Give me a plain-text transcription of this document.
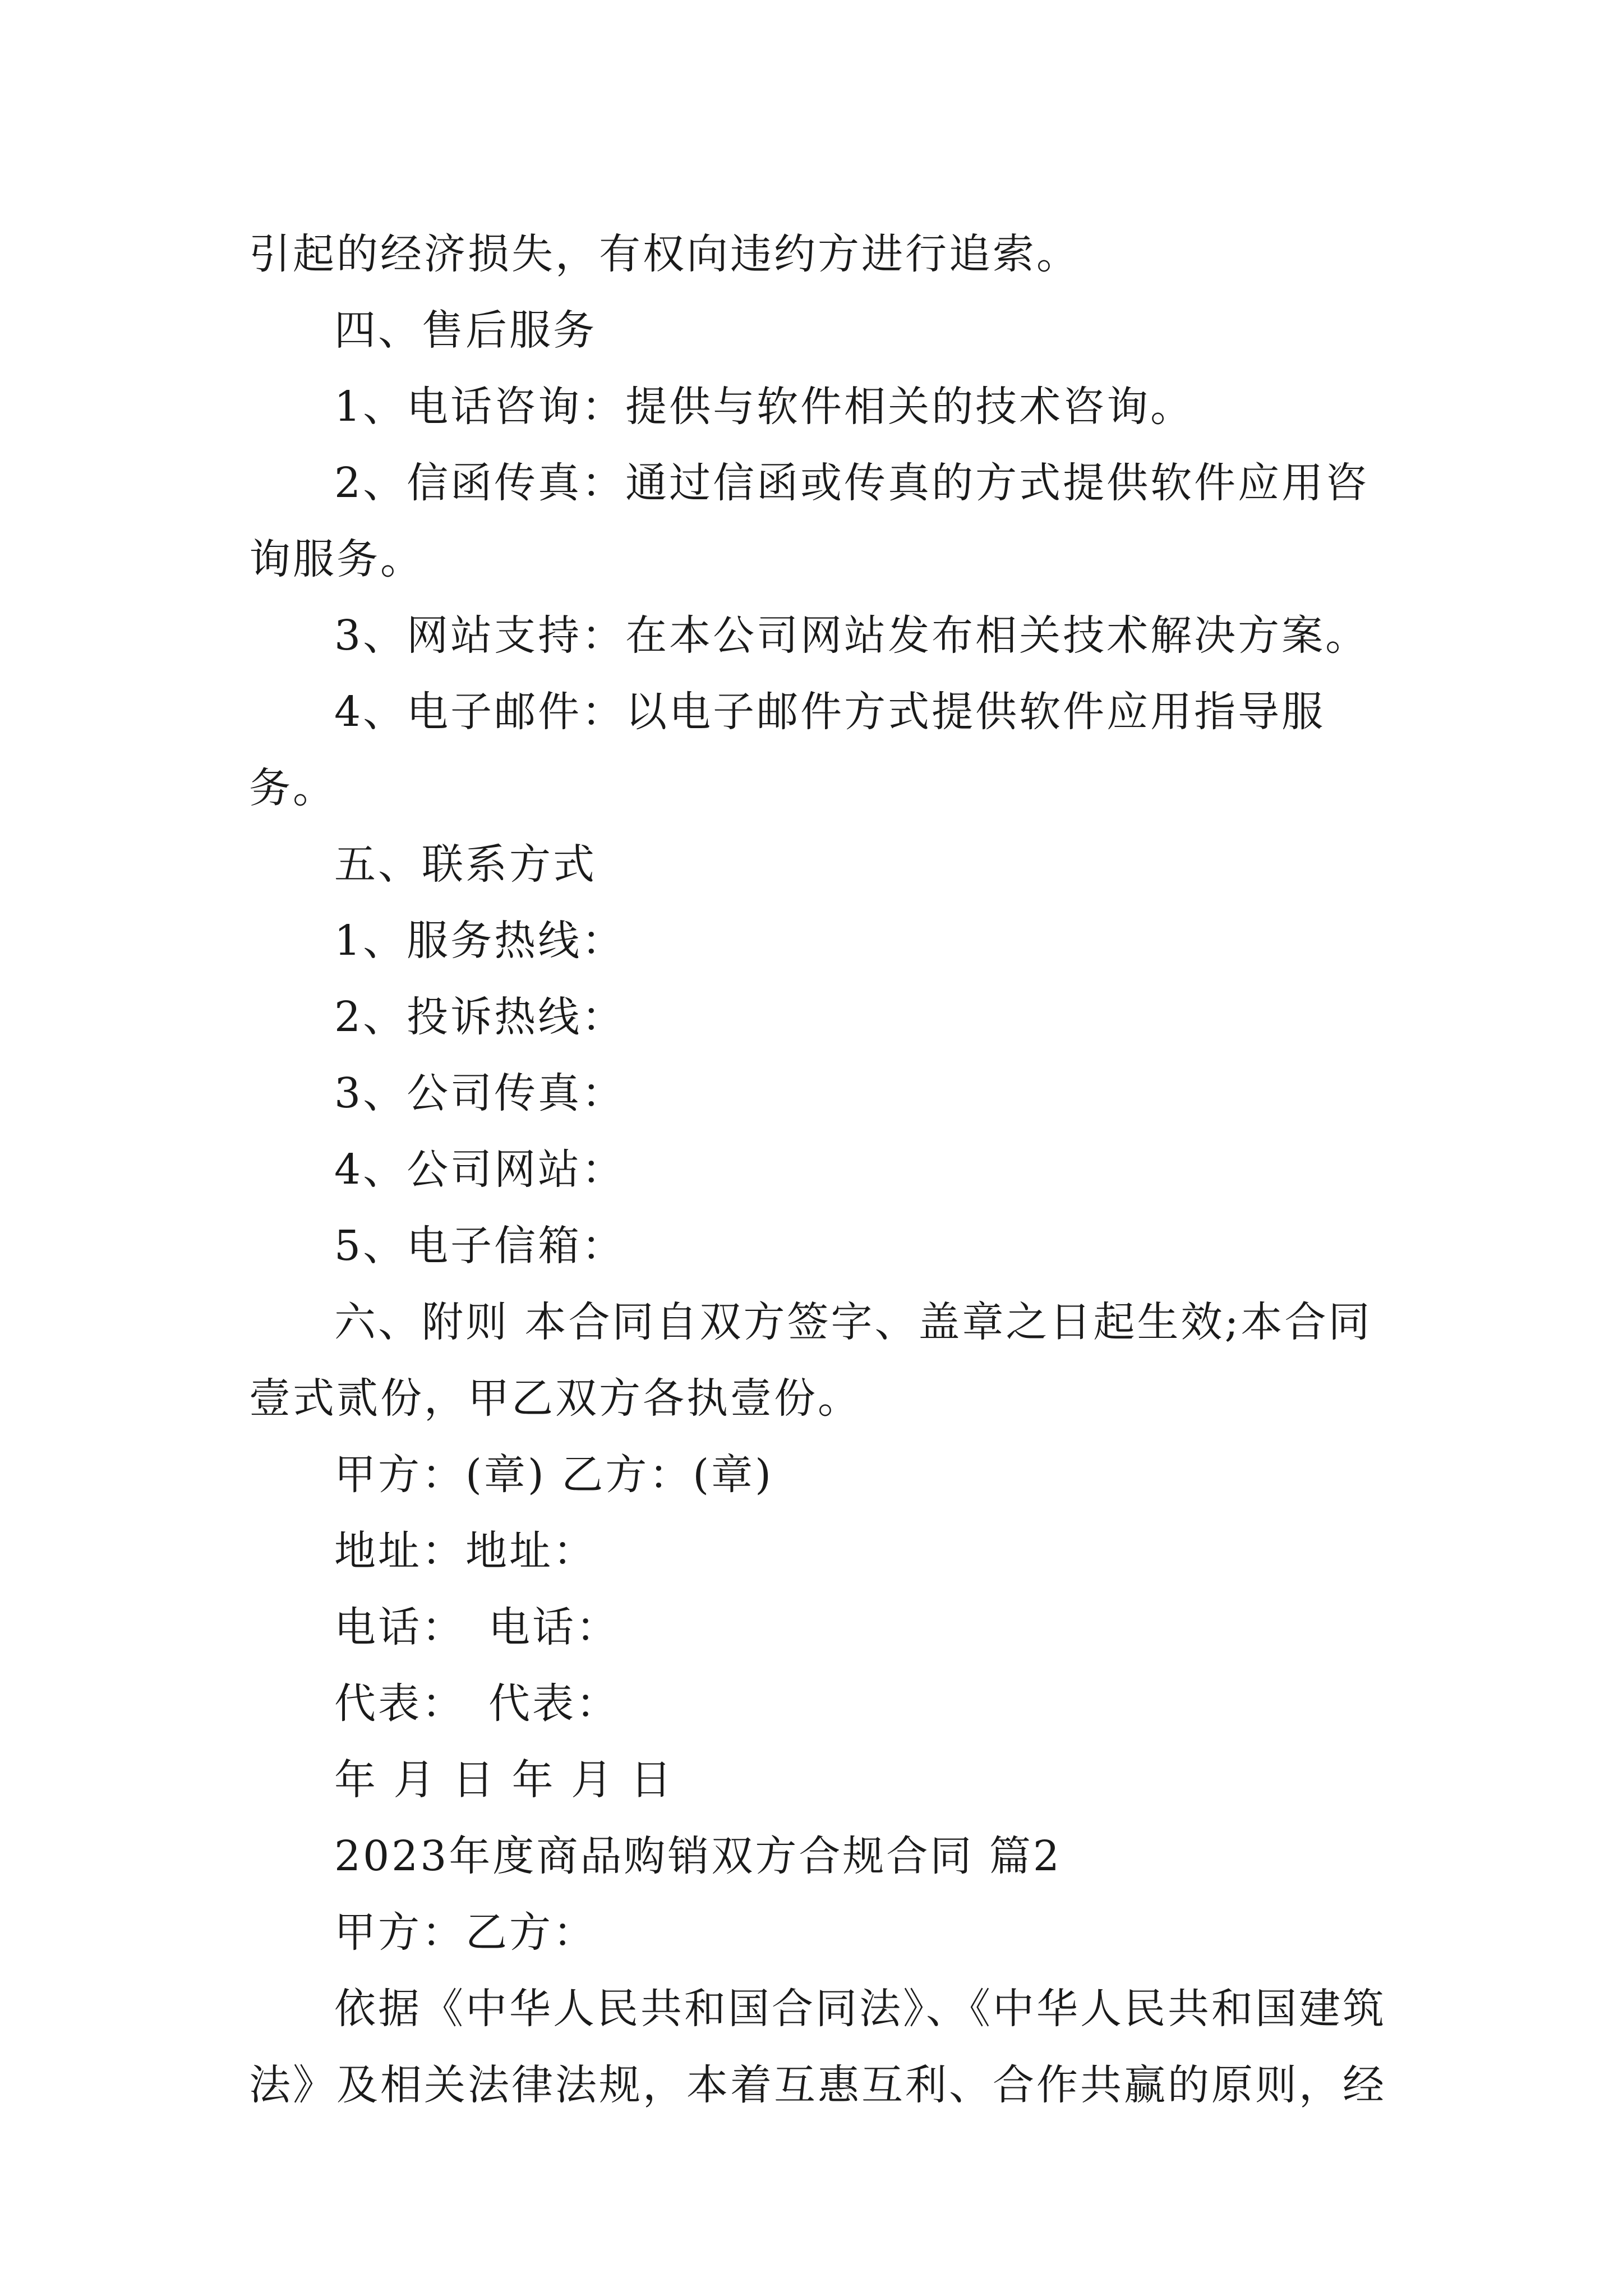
引起的经济损失，有权向违约方进行追索。

四、售后服务

1、电话咨询：提供与软件相关的技术咨询。

2、信函传真：通过信函或传真的方式提供软件应用咨询服务。

3、网站支持：在本公司网站发布相关技术解决方案。

4、电子邮件：以电子邮件方式提供软件应用指导服务。

五、联系方式

1、服务热线：

2、投诉热线：

3、公司传真：

4、公司网站：

5、电子信箱：

六、附则 本合同自双方签字、盖章之日起生效;本合同壹式贰份，甲乙双方各执壹份。

甲方：(章) 乙方：(章)

地址：地址：

电话：　电话：

代表：　代表：

年 月 日 年 月 日

2023年度商品购销双方合规合同 篇2

甲方：乙方：

依据《中华人民共和国合同法》、《中华人民共和国建筑法》及相关法律法规，本着互惠互利、合作共赢的原则，经
